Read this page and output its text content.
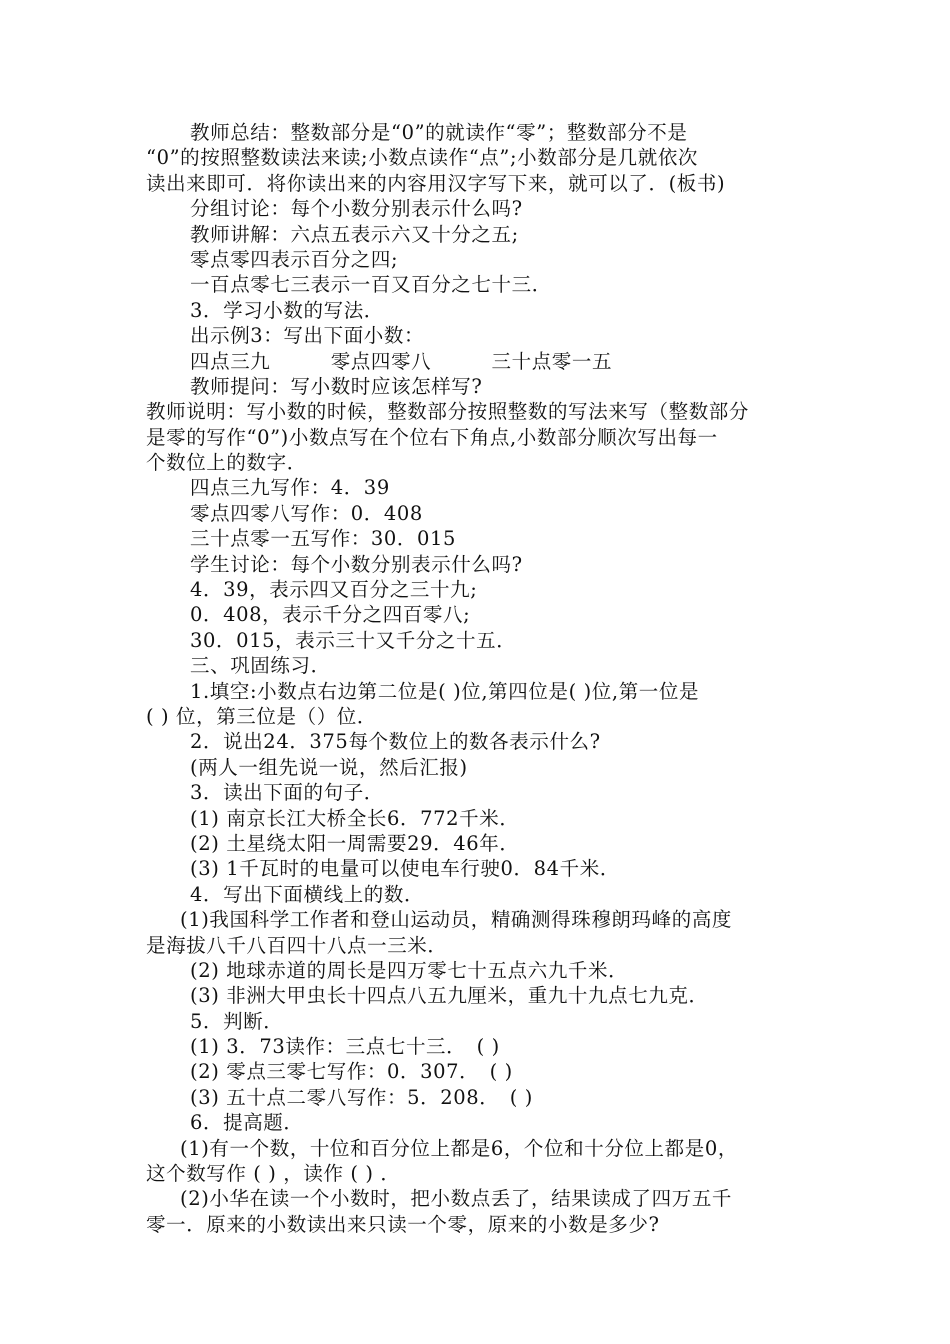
教师总结：整数部分是“0”的就读作“零”；整数部分不是
“0”的按照整数读法来读;小数点读作“点”;小数部分是几就依次
读出来即可．将你读出来的内容用汉字写下来，就可以了．(板书)
分组讨论：每个小数分别表示什么吗?
教师讲解：六点五表示六又十分之五;
零点零四表示百分之四;
一百点零七三表示一百又百分之七十三．
3．学习小数的写法．
出示例3：写出下面小数：
四点三九　　　零点四零八　　　三十点零一五
教师提问：写小数时应该怎样写?
教师说明：写小数的时候，整数部分按照整数的写法来写（整数部分
是零的写作“0”)小数点写在个位右下角点,小数部分顺次写出每一
个数位上的数字．
四点三九写作：4．39
零点四零八写作：0．408
三十点零一五写作：30．015
学生讨论：每个小数分别表示什么吗?
4．39，表示四又百分之三十九;
0．408，表示千分之四百零八;
30．015，表示三十又千分之十五．
三、巩固练习．
1.填空:小数点右边第二位是( )位,第四位是( )位,第一位是
( ) 位，第三位是（）位．
2．说出24．375每个数位上的数各表示什么?
(两人一组先说一说，然后汇报)
3．读出下面的句子．
(1) 南京长江大桥全长6．772千米．
(2) 土星绕太阳一周需要29．46年．
(3) 1千瓦时的电量可以使电车行驶0．84千米．
4．写出下面横线上的数．
(1)我国科学工作者和登山运动员，精确测得珠穆朗玛峰的高度
是海拔八千八百四十八点一三米．
(2) 地球赤道的周长是四万零七十五点六九千米．
(3) 非洲大甲虫长十四点八五九厘米，重九十九点七九克．
5．判断．
(1) 3．73读作：三点七十三．　( )
(2) 零点三零七写作：0．307．　( )
(3) 五十点二零八写作：5．208．　( )
6．提高题．
(1)有一个数，十位和百分位上都是6，个位和十分位上都是0，
这个数写作 ( ) ，读作 ( ) ．
(2)小华在读一个小数时，把小数点丢了，结果读成了四万五千
零一．原来的小数读出来只读一个零，原来的小数是多少?
